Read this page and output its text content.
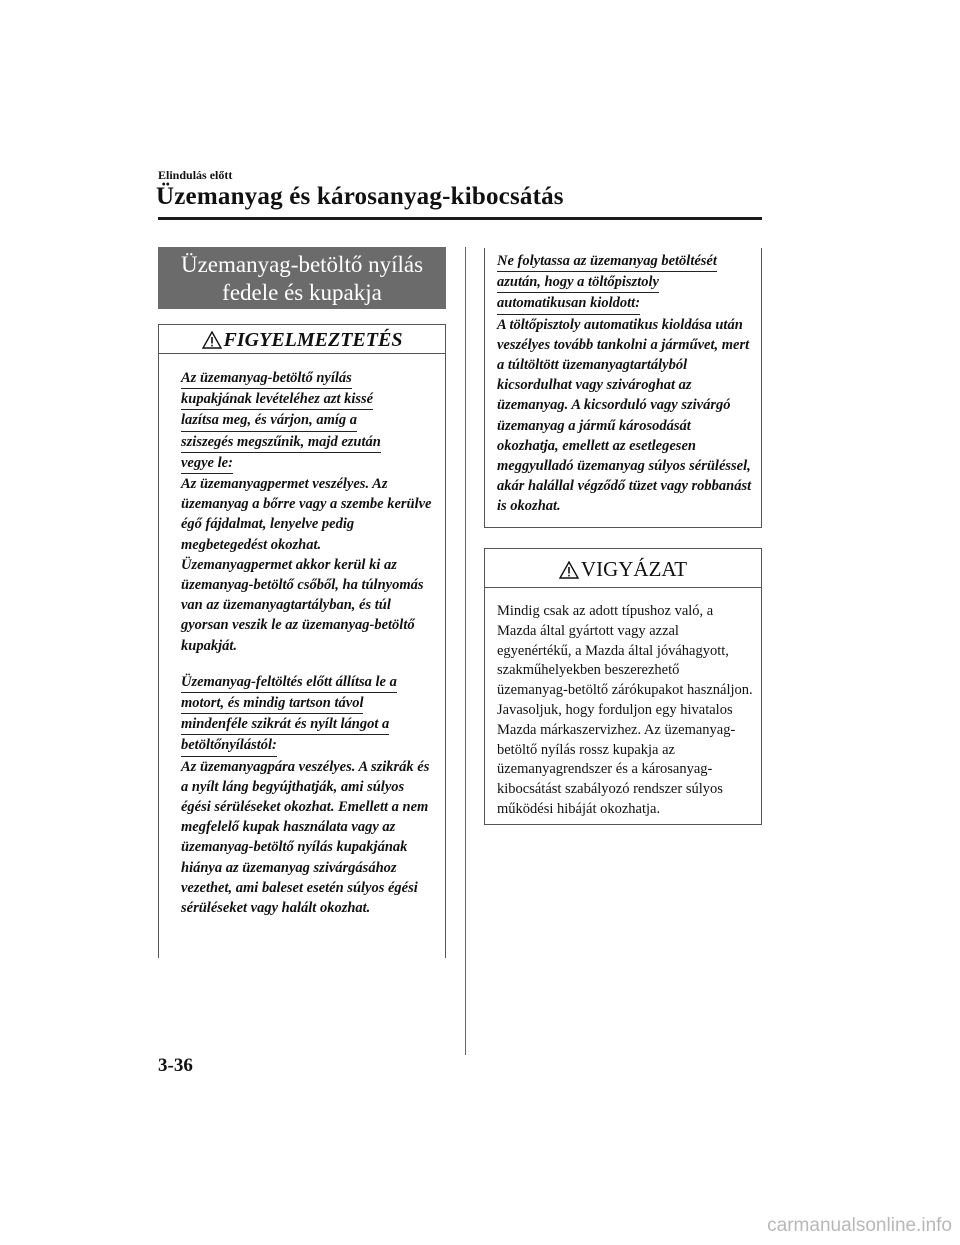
Elindulás előtt
Üzemanyag és károsanyag-kibocsátás
Üzemanyag-betöltő nyílás
fedele és kupakja
FIGYELMEZTETÉS
Az üzemanyag-betöltő nyílás
kupakjának levételéhez azt kissé
lazítsa meg, és várjon, amíg a
sziszegés megszűnik, majd ezután
vegye le:
Az üzemanyagpermet veszélyes. Az üzemanyag a bőrre vagy a szembe kerülve égő fájdalmat, lenyelve pedig megbetegedést okozhat. Üzemanyagpermet akkor kerül ki az üzemanyag-betöltő csőből, ha túlnyomás van az üzemanyagtartályban, és túl gyorsan veszik le az üzemanyag-betöltő kupakját.
Üzemanyag-feltöltés előtt állítsa le a
motort, és mindig tartson távol
mindenféle szikrát és nyílt lángot a
betöltőnyílástól:
Az üzemanyagpára veszélyes. A szikrák és a nyílt láng begyújthatják, ami súlyos égési sérüléseket okozhat. Emellett a nem megfelelő kupak használata vagy az üzemanyag-betöltő nyílás kupakjának hiánya az üzemanyag szivárgásához vezethet, ami baleset esetén súlyos égési sérüléseket vagy halált okozhat.
Ne folytassa az üzemanyag betöltését
azután, hogy a töltőpisztoly
automatikusan kioldott:
A töltőpisztoly automatikus kioldása után veszélyes tovább tankolni a járművet, mert a túltöltött üzemanyagtartályból kicsordulhat vagy szivároghat az üzemanyag. A kicsorduló vagy szivárgó üzemanyag a jármű károsodását okozhatja, emellett az esetlegesen meggyulladó üzemanyag súlyos sérüléssel, akár halállal végződő tüzet vagy robbanást is okozhat.
VIGYÁZAT
Mindig csak az adott típushoz való, a Mazda által gyártott vagy azzal egyenértékű, a Mazda által jóváhagyott, szakműhelyekben beszerezhető üzemanyag-betöltő zárókupakot használjon. Javasoljuk, hogy forduljon egy hivatalos Mazda márkaszervizhez. Az üzemanyag-betöltő nyílás rossz kupakja az üzemanyagrendszer és a károsanyag-kibocsátást szabályozó rendszer súlyos működési hibáját okozhatja.
3-36
carmanualsonline.info
